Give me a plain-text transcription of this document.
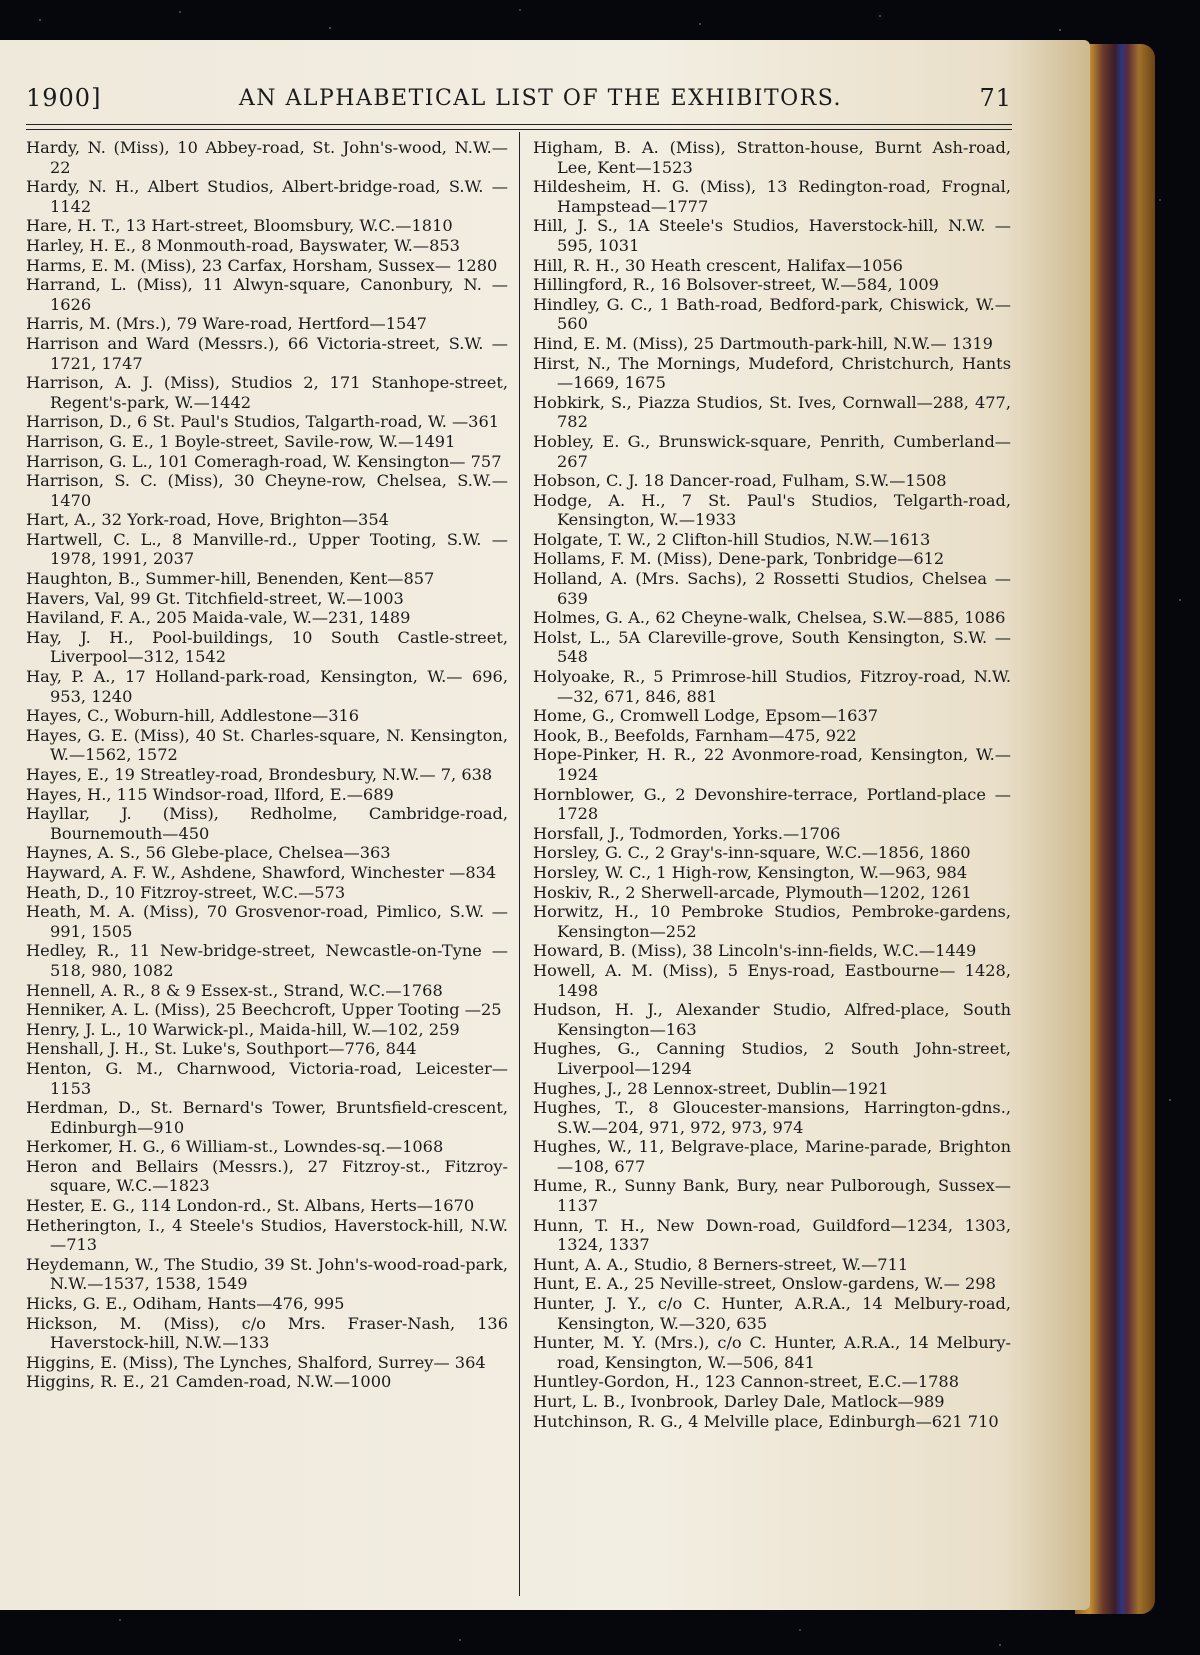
1900]	AN ALPHABETICAL LIST OF THE EXHIBITORS.	71

Hardy, N. (Miss), 10 Abbey-road, St. John's-wood, N.W.—22

Hardy, N. H., Albert Studios, Albert-bridge-road, S.W. —1142

Hare, H. T., 13 Hart-street, Bloomsbury, W.C.—1810

Harley, H. E., 8 Monmouth-road, Bayswater, W.—853

Harms, E. M. (Miss), 23 Carfax, Horsham, Sussex— 1280

Harrand, L. (Miss), 11 Alwyn-square, Canonbury, N. —1626

Harris, M. (Mrs.), 79 Ware-road, Hertford—1547

Harrison and Ward (Messrs.), 66 Victoria-street, S.W. —1721, 1747

Harrison, A. J. (Miss), Studios 2, 171 Stanhope-street, Regent's-park, W.—1442

Harrison, D., 6 St. Paul's Studios, Talgarth-road, W. —361

Harrison, G. E., 1 Boyle-street, Savile-row, W.—1491

Harrison, G. L., 101 Comeragh-road, W. Kensington— 757

Harrison, S. C. (Miss), 30 Cheyne-row, Chelsea, S.W.— 1470

Hart, A., 32 York-road, Hove, Brighton—354

Hartwell, C. L., 8 Manville-rd., Upper Tooting, S.W. —1978, 1991, 2037

Haughton, B., Summer-hill, Benenden, Kent—857

Havers, Val, 99 Gt. Titchfield-street, W.—1003

Haviland, F. A., 205 Maida-vale, W.—231, 1489

Hay, J. H., Pool-buildings, 10 South Castle-street, Liverpool—312, 1542

Hay, P. A., 17 Holland-park-road, Kensington, W.— 696, 953, 1240

Hayes, C., Woburn-hill, Addlestone—316

Hayes, G. E. (Miss), 40 St. Charles-square, N. Kensington, W.—1562, 1572

Hayes, E., 19 Streatley-road, Brondesbury, N.W.— 7, 638

Hayes, H., 115 Windsor-road, Ilford, E.—689

Hayllar, J. (Miss), Redholme, Cambridge-road, Bournemouth—450

Haynes, A. S., 56 Glebe-place, Chelsea—363

Hayward, A. F. W., Ashdene, Shawford, Winchester —834

Heath, D., 10 Fitzroy-street, W.C.—573

Heath, M. A. (Miss), 70 Grosvenor-road, Pimlico, S.W. —991, 1505

Hedley, R., 11 New-bridge-street, Newcastle-on-Tyne —518, 980, 1082

Hennell, A. R., 8 & 9 Essex-st., Strand, W.C.—1768

Henniker, A. L. (Miss), 25 Beechcroft, Upper Tooting —25

Henry, J. L., 10 Warwick-pl., Maida-hill, W.—102, 259

Henshall, J. H., St. Luke's, Southport—776, 844

Henton, G. M., Charnwood, Victoria-road, Leicester— 1153

Herdman, D., St. Bernard's Tower, Bruntsfield-crescent, Edinburgh—910

Herkomer, H. G., 6 William-st., Lowndes-sq.—1068

Heron and Bellairs (Messrs.), 27 Fitzroy-st., Fitzroy-square, W.C.—1823

Hester, E. G., 114 London-rd., St. Albans, Herts—1670

Hetherington, I., 4 Steele's Studios, Haverstock-hill, N.W.—713

Heydemann, W., The Studio, 39 St. John's-wood-road-park, N.W.—1537, 1538, 1549

Hicks, G. E., Odiham, Hants—476, 995

Hickson, M. (Miss), c/o Mrs. Fraser-Nash, 136 Haverstock-hill, N.W.—133

Higgins, E. (Miss), The Lynches, Shalford, Surrey— 364

Higgins, R. E., 21 Camden-road, N.W.—1000

Higham, B. A. (Miss), Stratton-house, Burnt Ash-road, Lee, Kent—1523

Hildesheim, H. G. (Miss), 13 Redington-road, Frognal, Hampstead—1777

Hill, J. S., 1A Steele's Studios, Haverstock-hill, N.W. —595, 1031

Hill, R. H., 30 Heath crescent, Halifax—1056

Hillingford, R., 16 Bolsover-street, W.—584, 1009

Hindley, G. C., 1 Bath-road, Bedford-park, Chiswick, W.—560

Hind, E. M. (Miss), 25 Dartmouth-park-hill, N.W.— 1319

Hirst, N., The Mornings, Mudeford, Christchurch, Hants—1669, 1675

Hobkirk, S., Piazza Studios, St. Ives, Cornwall—288, 477, 782

Hobley, E. G., Brunswick-square, Penrith, Cumberland—267

Hobson, C. J. 18 Dancer-road, Fulham, S.W.—1508

Hodge, A. H., 7 St. Paul's Studios, Telgarth-road, Kensington, W.—1933

Holgate, T. W., 2 Clifton-hill Studios, N.W.—1613

Hollams, F. M. (Miss), Dene-park, Tonbridge—612

Holland, A. (Mrs. Sachs), 2 Rossetti Studios, Chelsea —639

Holmes, G. A., 62 Cheyne-walk, Chelsea, S.W.—885, 1086

Holst, L., 5A Clareville-grove, South Kensington, S.W. —548

Holyoake, R., 5 Primrose-hill Studios, Fitzroy-road, N.W.—32, 671, 846, 881

Home, G., Cromwell Lodge, Epsom—1637

Hook, B., Beefolds, Farnham—475, 922

Hope-Pinker, H. R., 22 Avonmore-road, Kensington, W.—1924

Hornblower, G., 2 Devonshire-terrace, Portland-place —1728

Horsfall, J., Todmorden, Yorks.—1706

Horsley, G. C., 2 Gray's-inn-square, W.C.—1856, 1860

Horsley, W. C., 1 High-row, Kensington, W.—963, 984

Hoskiv, R., 2 Sherwell-arcade, Plymouth—1202, 1261

Horwitz, H., 10 Pembroke Studios, Pembroke-gardens, Kensington—252

Howard, B. (Miss), 38 Lincoln's-inn-fields, W.C.—1449

Howell, A. M. (Miss), 5 Enys-road, Eastbourne— 1428, 1498

Hudson, H. J., Alexander Studio, Alfred-place, South Kensington—163

Hughes, G., Canning Studios, 2 South John-street, Liverpool—1294

Hughes, J., 28 Lennox-street, Dublin—1921

Hughes, T., 8 Gloucester-mansions, Harrington-gdns., S.W.—204, 971, 972, 973, 974

Hughes, W., 11, Belgrave-place, Marine-parade, Brighton—108, 677

Hume, R., Sunny Bank, Bury, near Pulborough, Sussex—1137

Hunn, T. H., New Down-road, Guildford—1234, 1303, 1324, 1337

Hunt, A. A., Studio, 8 Berners-street, W.—711

Hunt, E. A., 25 Neville-street, Onslow-gardens, W.— 298

Hunter, J. Y., c/o C. Hunter, A.R.A., 14 Melbury-road, Kensington, W.—320, 635

Hunter, M. Y. (Mrs.), c/o C. Hunter, A.R.A., 14 Melbury-road, Kensington, W.—506, 841

Huntley-Gordon, H., 123 Cannon-street, E.C.—1788

Hurt, L. B., Ivonbrook, Darley Dale, Matlock—989

Hutchinson, R. G., 4 Melville place, Edinburgh—621 710
